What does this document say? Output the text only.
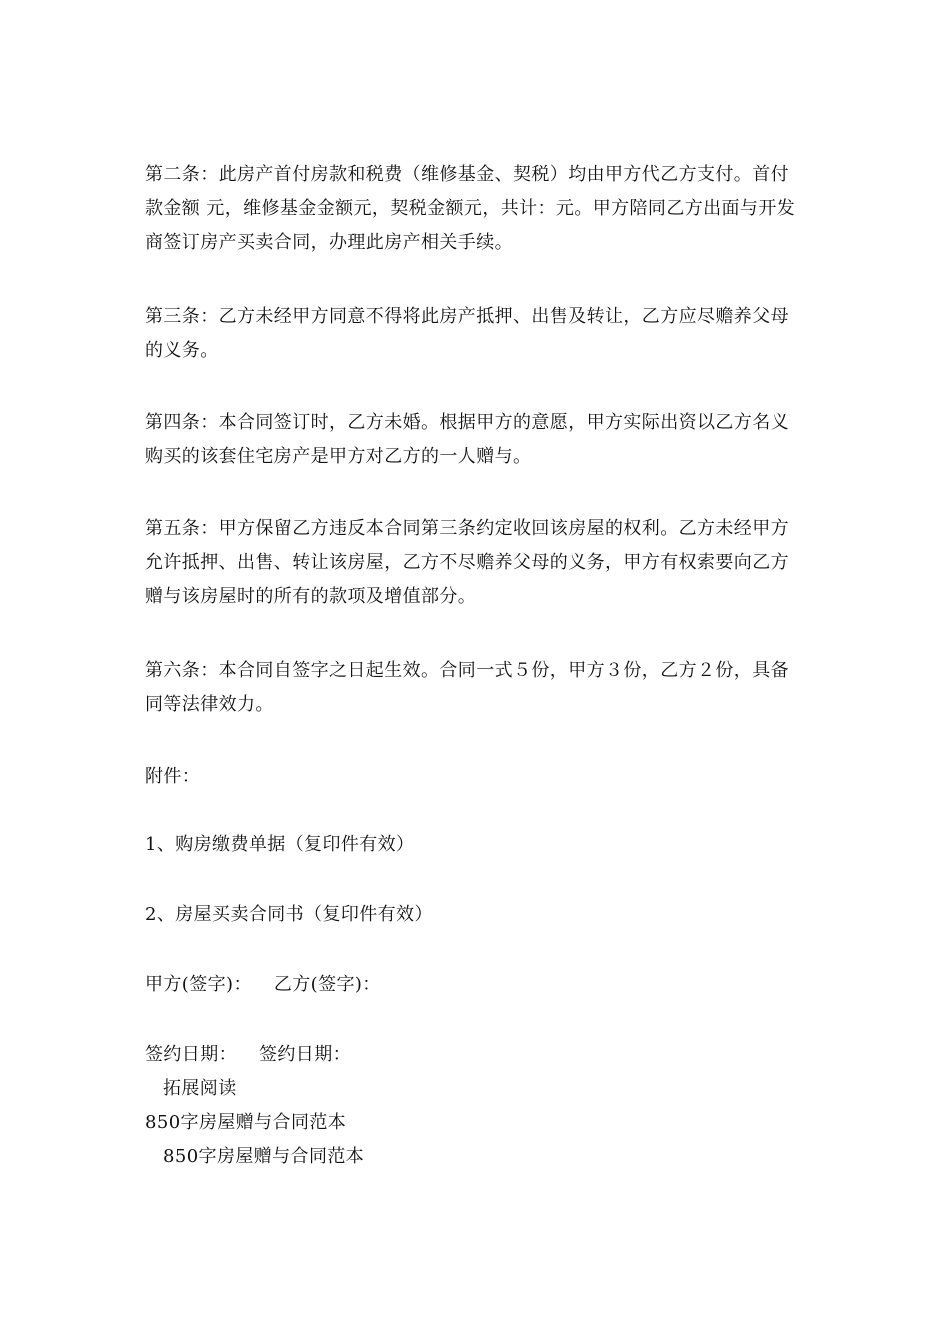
第二条：此房产首付房款和税费（维修基金、契税）均由甲方代乙方支付。首付款金额 元，维修基金金额元，契税金额元，共计：元。甲方陪同乙方出面与开发商签订房产买卖合同，办理此房产相关手续。

第三条：乙方未经甲方同意不得将此房产抵押、出售及转让，乙方应尽赡养父母的义务。

第四条：本合同签订时，乙方未婚。根据甲方的意愿，甲方实际出资以乙方名义购买的该套住宅房产是甲方对乙方的一人赠与。

第五条：甲方保留乙方违反本合同第三条约定收回该房屋的权利。乙方未经甲方允许抵押、出售、转让该房屋，乙方不尽赡养父母的义务，甲方有权索要向乙方赠与该房屋时的所有的款项及增值部分。

第六条：本合同自签字之日起生效。合同一式５份，甲方３份，乙方２份，具备同等法律效力。

附件：

1、购房缴费单据（复印件有效）

2、房屋买卖合同书（复印件有效）

甲方(签字)： 乙方(签字)：

签约日期： 签约日期：

拓展阅读

850字房屋赠与合同范本

850字房屋赠与合同范本
